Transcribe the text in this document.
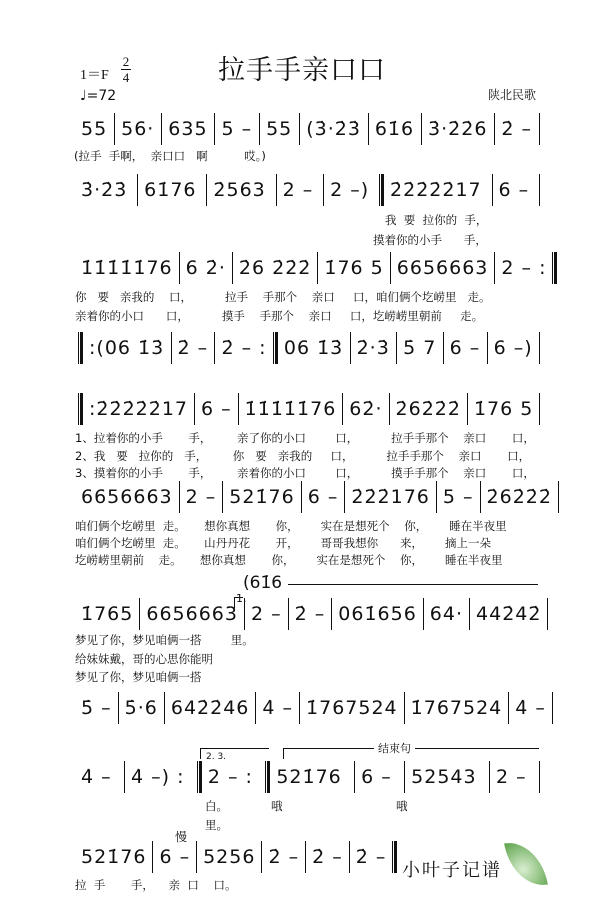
拉手手亲口口
1＝F
2
4
♩=72	陕北民歌
55 56· 635 5 – 55 (3̇·2̇3̇ 61̇6 3̇·2̇2̇6 2̇ –
3̇·2̇3̇ 61̇76 2̇563 2 – 2 –)	2̇2̇2̇2̇2̇17 6 –
1̇1̇1̇1̇1̇76 6 2̇· 2̇6 2̇2̇2̇ 1̇76 5 6656663 2 – :
:(06 1̇3̇ 2̇ – 2̇ – : 06 1̇3̇ 2̇·3̇ 5̇ 7 6 – 6 –)
:2̇2̇2̇2̇2̇17 6 – 1̇1̇1̇1̇1̇76 62̇· 2̇62̇2̇2̇ 1̇76 5
6656663 2 – 521̇76 6 – 2̇2̇2̇176 5 – 2̇62̇2̇2̇
1̇765 6656663 2 – 2̇ – 061̇656 64· 442̇42̇
5̇ – 5̇·6 642̇2̇46 4̇ – 1̇767524 1̇767524 4̇ –
4̇ –	4̇ –) :	2 – :	521̇76	6 –	52543	2 –
521̇76 6 – 5256 2̇ – 2̇ – 2̇ –
(拉手  手啊，  亲口口   啊          哎。)
我  要  拉你的  手，
摸着你的小手      手，
你   要   亲我的    口，         拉手    手那个    亲口     口，咱们俩个圪崂里   走。
亲着你的小口      口，         摸手    手那个    亲口     口，圪崂崂里朝前     走。
1、拉着你的小手       手，       亲了你的小口        口，         拉手手那个    亲口       口，
2、我   要   拉你的   手，       你   要   亲我的     口，         拉手手那个    亲口       口，
3、摸着你的小手       手，       亲着你的小口        口，         摸手手那个    亲口       口，
咱们俩个圪崂里  走。     想你真想       你，      实在是想死个    你，      睡在半夜里
咱们俩个圪崂里  走。     山丹丹花       开，      哥哥我想你      来，      摘上一朵
圪崂崂里朝前    走。     想你真想       你，      实在是想死个    你，      睡在半夜里
梦见了你，梦见咱俩一搭        里。
给妹妹戴，哥的心思你能明
梦见了你，梦见咱俩一搭
白。	哦	哦
里。
拉  手       手，    亲  口    口。
1.
(61̇6
2. 3.
结束句
慢
小叶子记谱
